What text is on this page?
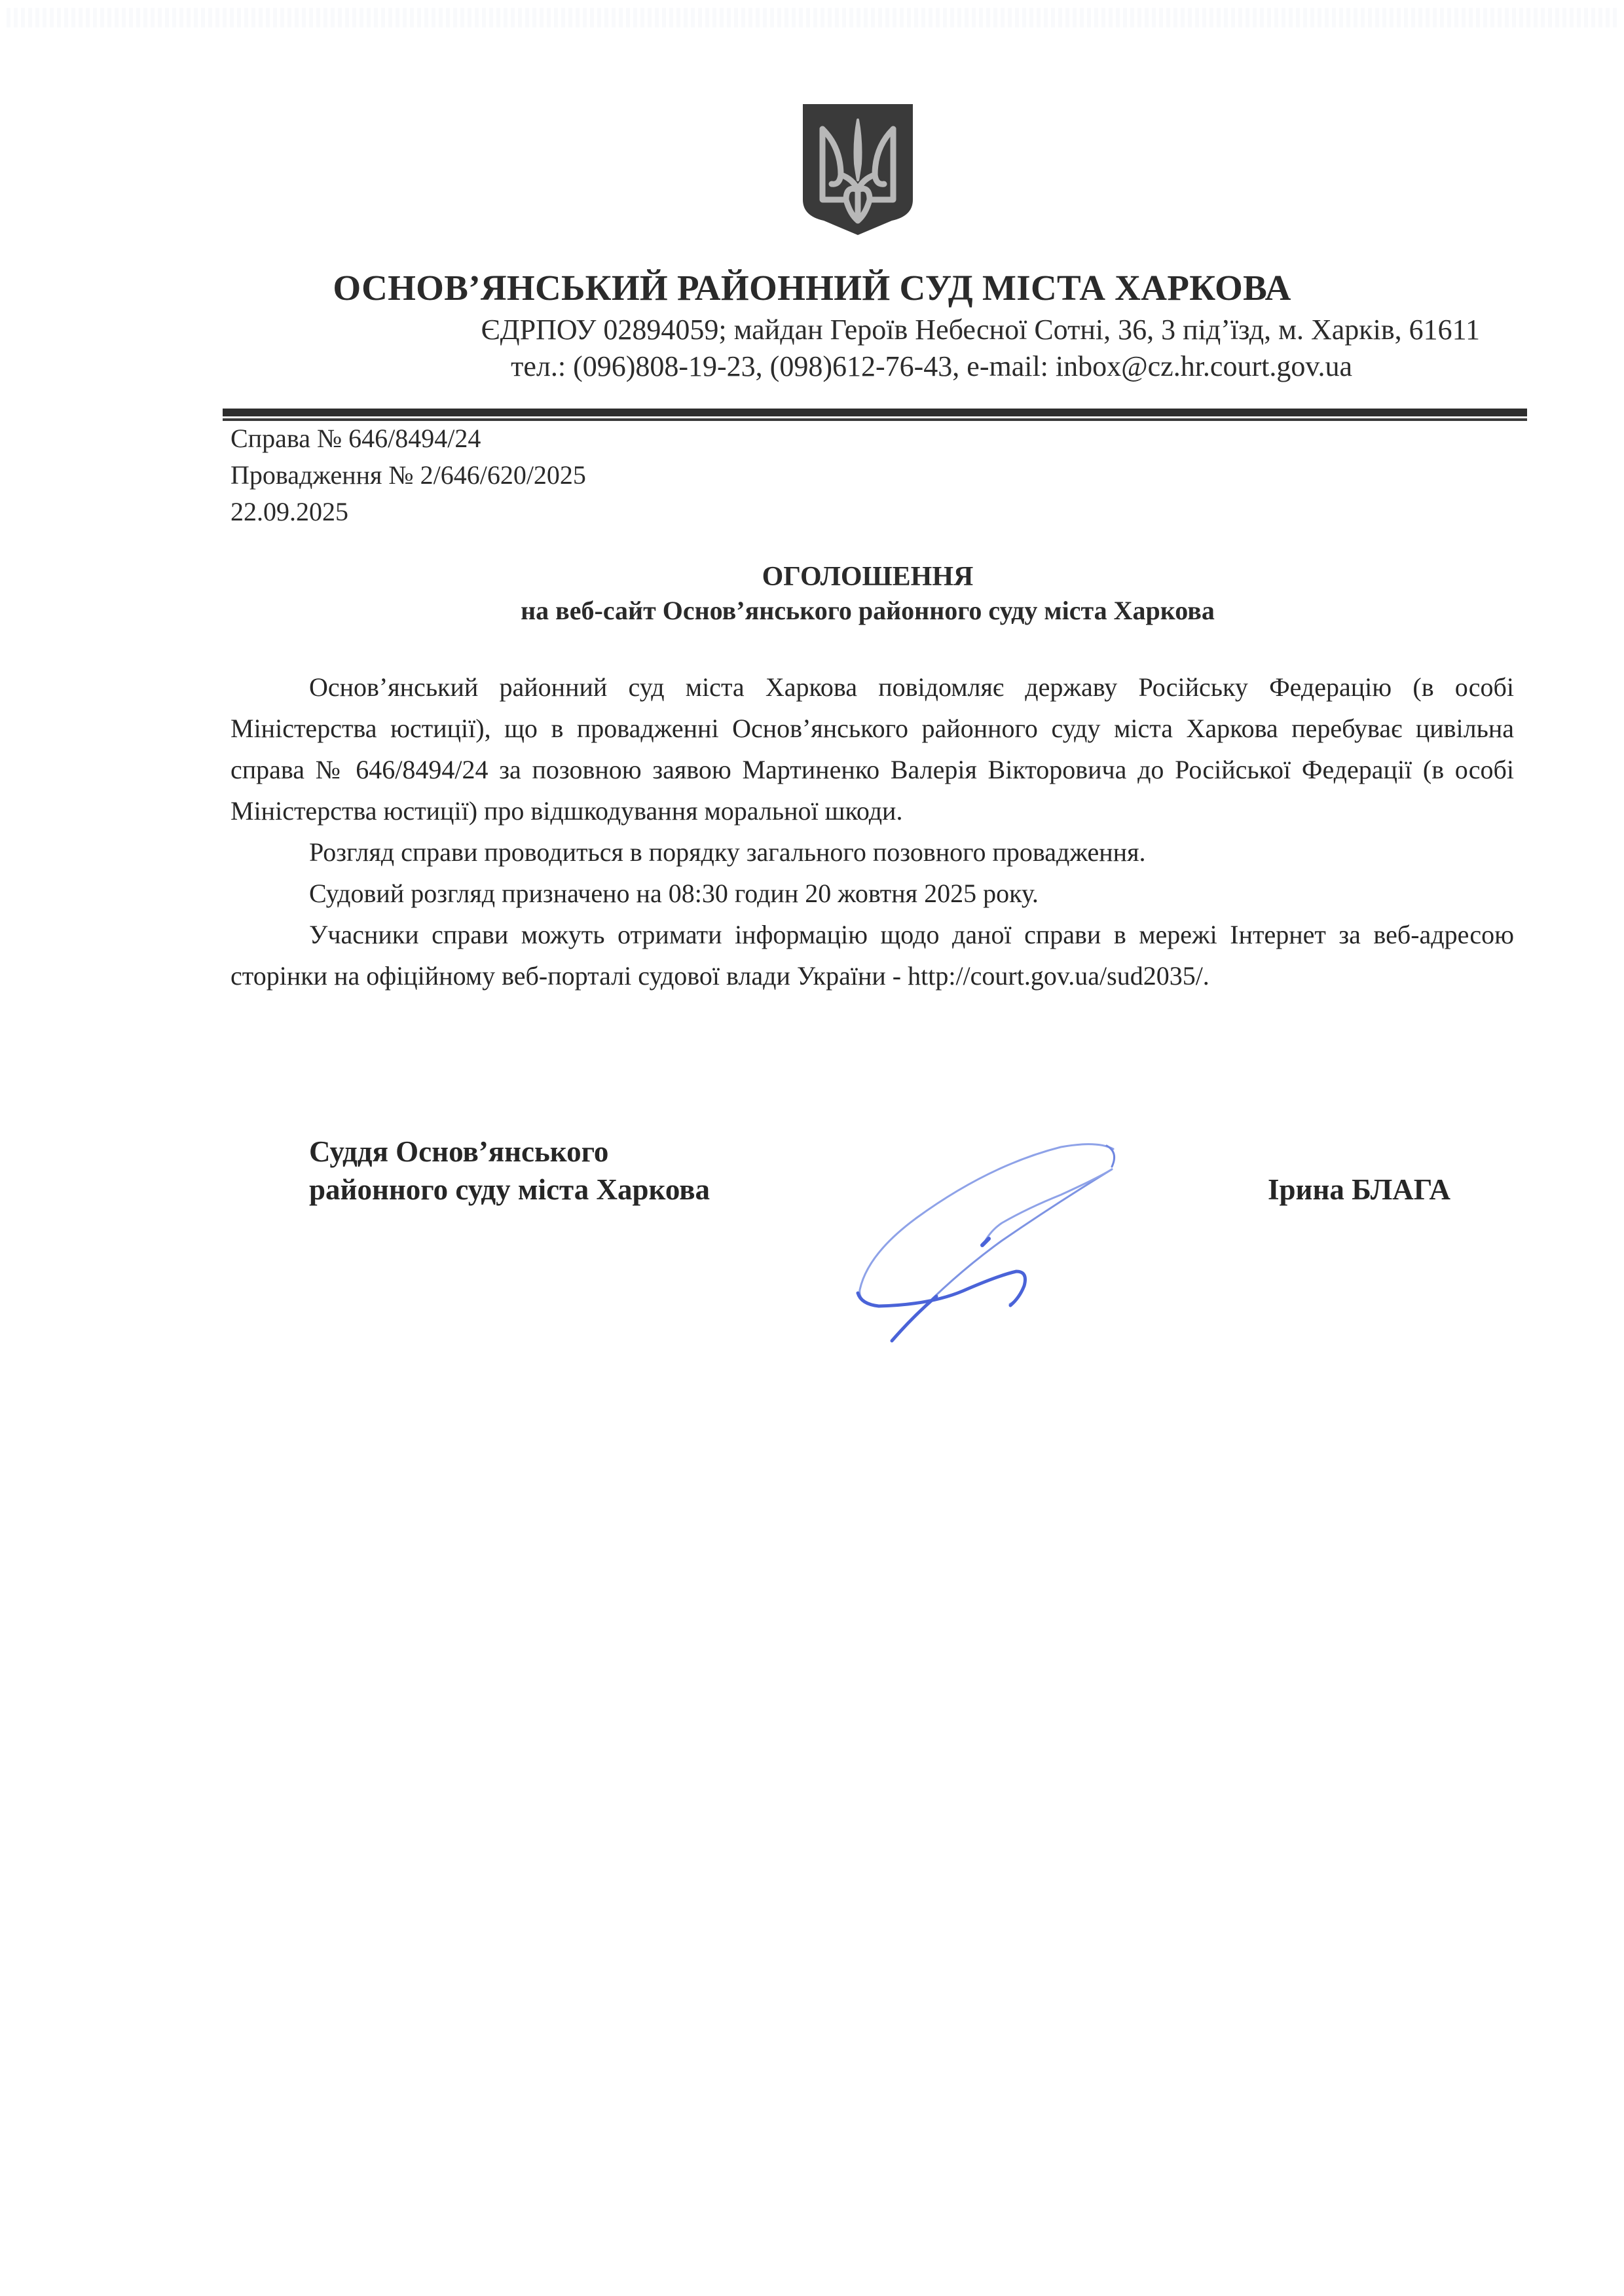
ОСНОВ’ЯНСЬКИЙ РАЙОННИЙ СУД МІСТА ХАРКОВА
ЄДРПОУ 02894059; майдан Героїв Небесної Сотні, 36, 3 під’їзд, м. Харків, 61611
тел.: (096)808-19-23, (098)612-76-43, e-mail: inbox@cz.hr.court.gov.ua
Справа № 646/8494/24
Провадження № 2/646/620/2025
22.09.2025
ОГОЛОШЕННЯ
на веб-сайт Основ’янського районного суду міста Харкова

Основ’янський районний суд міста Харкова повідомляє державу Російську Федерацію (в особі Міністерства юстиції), що в провадженні Основ’янського районного суду міста Харкова перебуває цивільна справа № 646/8494/24 за позовною заявою Мартиненко Валерія Вікторовича до Російської Федерації (в особі Міністерства юстиції) про відшкодування моральної шкоди.

Розгляд справи проводиться в порядку загального позовного провадження.

Судовий розгляд призначено на 08:30 годин 20 жовтня 2025 року.

Учасники справи можуть отримати інформацію щодо даної справи в мережі Інтернет за веб-адресою сторінки на офіційному веб-порталі судової влади України - http://court.gov.ua/sud2035/.

Суддя Основ’янського
районного суду міста Харкова	Ірина БЛАГА
